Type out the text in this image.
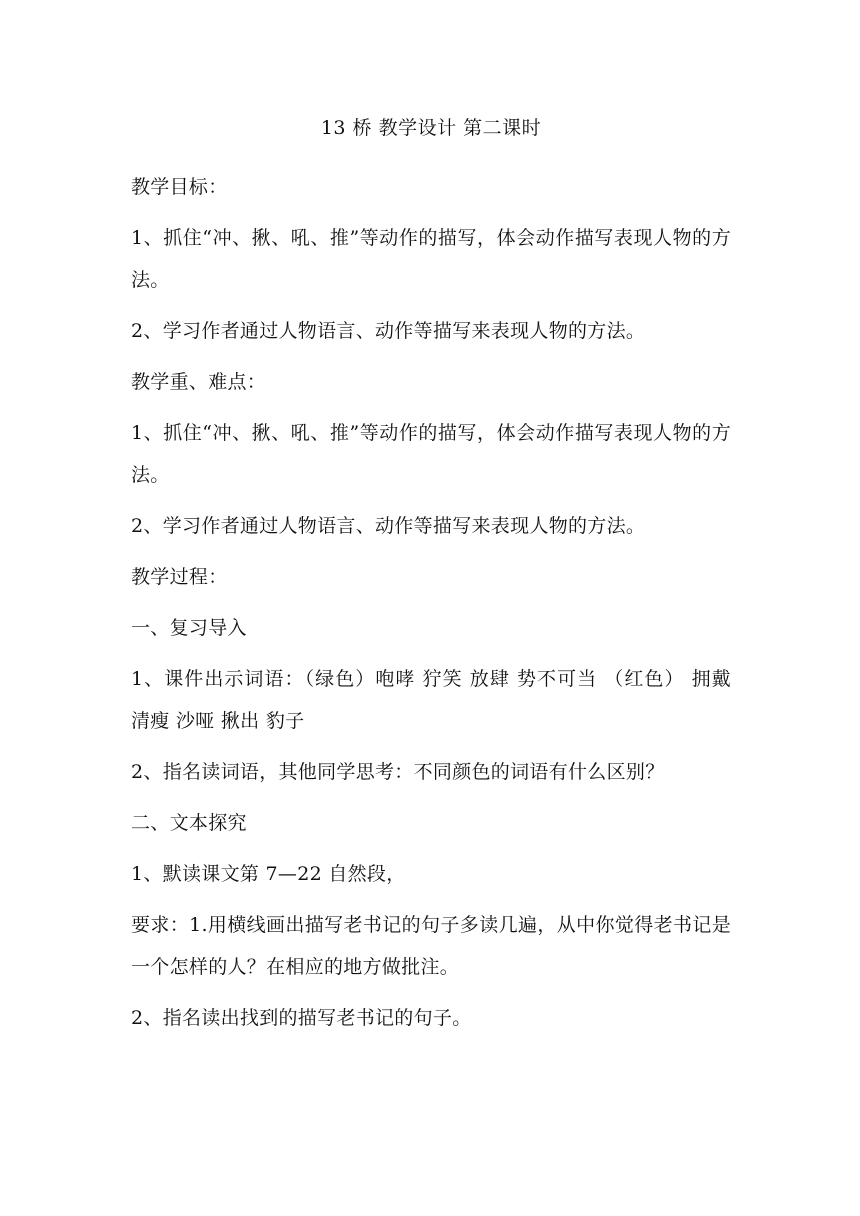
13 桥 教学设计 第二课时

教学目标：

1、抓住“冲、揪、吼、推”等动作的描写，体会动作描写表现人物的方法。

2、学习作者通过人物语言、动作等描写来表现人物的方法。

教学重、难点：

1、抓住“冲、揪、吼、推”等动作的描写，体会动作描写表现人物的方法。

2、学习作者通过人物语言、动作等描写来表现人物的方法。

教学过程：

一、复习导入

1、课件出示词语：（绿色）咆哮 狞笑 放肆 势不可当 （红色） 拥戴 清瘦 沙哑 揪出 豹子

2、指名读词语，其他同学思考：不同颜色的词语有什么区别？

二、文本探究

1、默读课文第 7—22 自然段，

要求：1.用横线画出描写老书记的句子多读几遍，从中你觉得老书记是一个怎样的人？在相应的地方做批注。

2、指名读出找到的描写老书记的句子。
